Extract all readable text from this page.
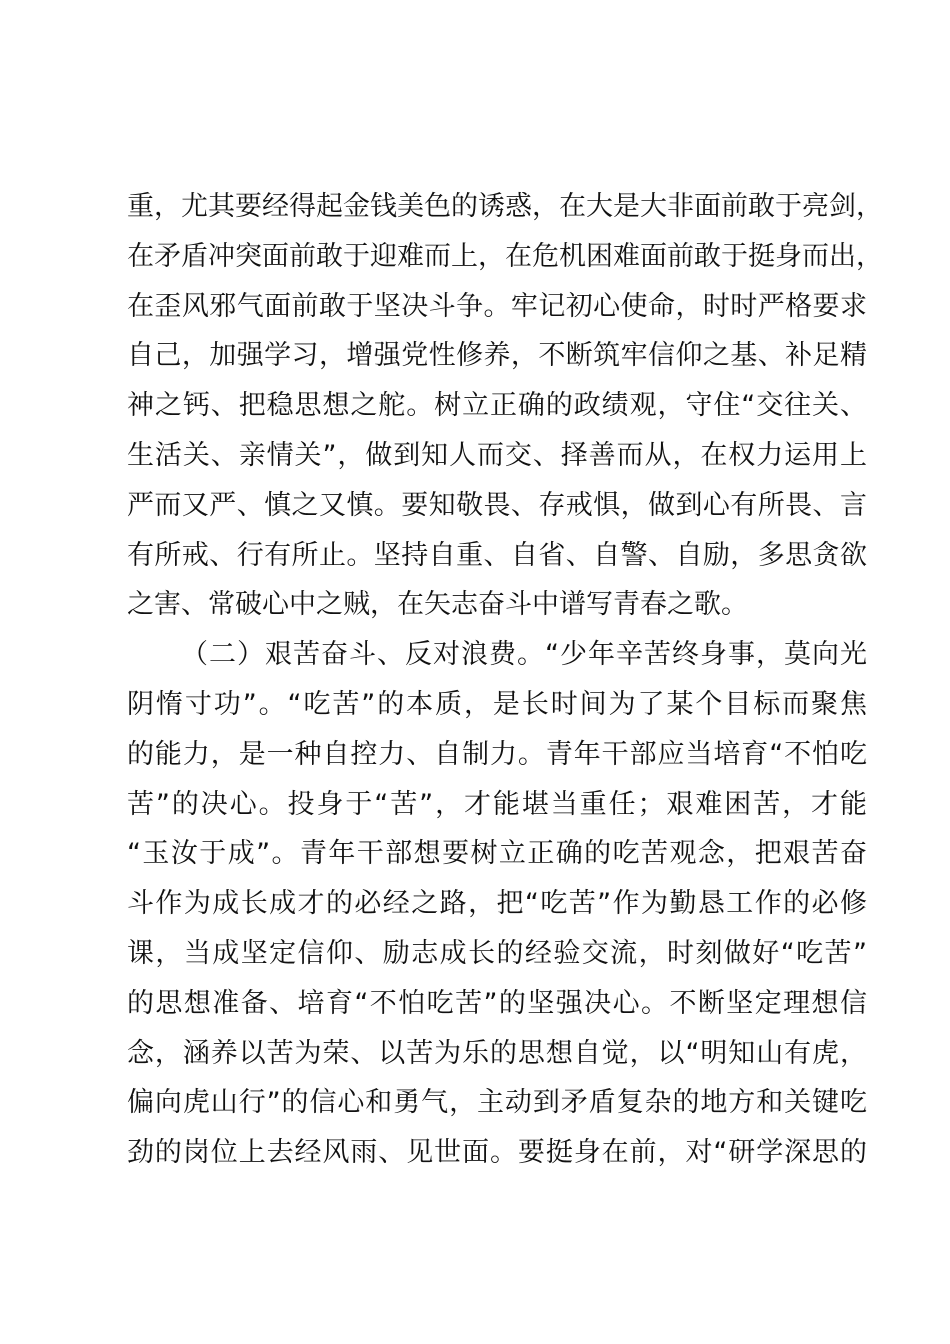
重 ， 尤 其 要 经 得 起 金 钱 美 色 的 诱 惑 ， 在 大 是 大 非 面 前 敢 于 亮 剑 ，
在 矛 盾 冲 突 面 前 敢 于 迎 难 而 上 ， 在 危 机 困 难 面 前 敢 于 挺 身 而 出 ，
在 歪 风 邪 气 面 前 敢 于 坚 决 斗 争 。 牢 记 初 心 使 命 ， 时 时 严 格 要 求
自 己 ， 加 强 学 习 ， 增 强 党 性 修 养 ， 不 断 筑 牢 信 仰 之 基 、 补 足 精
神 之 钙 、 把 稳 思 想 之 舵 。 树 立 正 确 的 政 绩 观 ， 守 住 “ 交 往 关 、
生 活 关 、 亲 情 关 ” ， 做 到 知 人 而 交 、 择 善 而 从 ， 在 权 力 运 用 上
严 而 又 严 、 慎 之 又 慎 。 要 知 敬 畏 、 存 戒 惧 ， 做 到 心 有 所 畏 、 言
有 所 戒 、 行 有 所 止 。 坚 持 自 重 、 自 省 、 自 警 、 自 励 ， 多 思 贪 欲
之害、常破心中之贼，在矢志奋斗中谱写青春之歌。
（ 二 ） 艰 苦 奋 斗 、 反 对 浪 费 。 “ 少 年 辛 苦 终 身 事 ， 莫 向 光
阴 惰 寸 功 ” 。 “ 吃 苦 ” 的 本 质 ， 是 长 时 间 为 了 某 个 目 标 而 聚 焦
的 能 力 ， 是 一 种 自 控 力 、 自 制 力 。 青 年 干 部 应 当 培 育 “ 不 怕 吃
苦 ” 的 决 心 。 投 身 于 “ 苦 ” ， 才 能 堪 当 重 任 ； 艰 难 困 苦 ， 才 能
“ 玉 汝 于 成 ” 。 青 年 干 部 想 要 树 立 正 确 的 吃 苦 观 念 ， 把 艰 苦 奋
斗 作 为 成 长 成 才 的 必 经 之 路 ， 把 “ 吃 苦 ” 作 为 勤 恳 工 作 的 必 修
课 ， 当 成 坚 定 信 仰 、 励 志 成 长 的 经 验 交 流 ， 时 刻 做 好 “ 吃 苦 ”
的 思 想 准 备 、 培 育 “ 不 怕 吃 苦 ” 的 坚 强 决 心 。 不 断 坚 定 理 想 信
念 ， 涵 养 以 苦 为 荣 、 以 苦 为 乐 的 思 想 自 觉 ， 以 “ 明 知 山 有 虎 ，
偏 向 虎 山 行 ” 的 信 心 和 勇 气 ， 主 动 到 矛 盾 复 杂 的 地 方 和 关 键 吃
劲 的 岗 位 上 去 经 风 雨 、 见 世 面 。 要 挺 身 在 前 ， 对 “ 研 学 深 思 的
